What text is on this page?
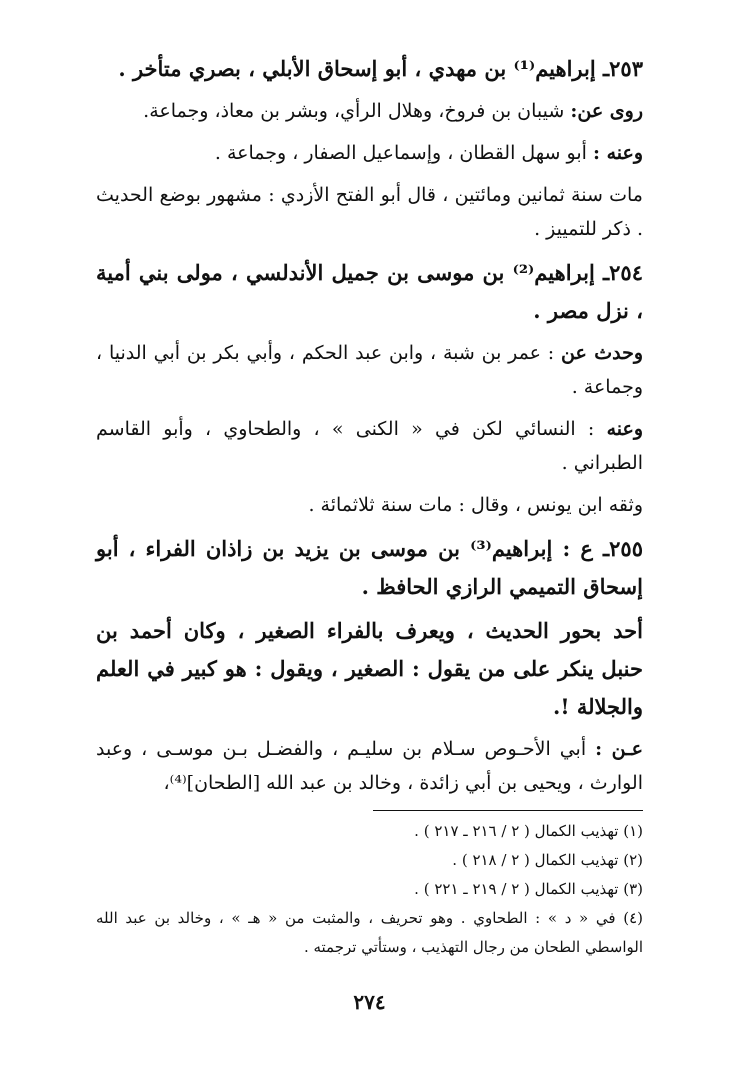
٢٥٣ـ إبراهيم⁽¹⁾ بن مهدي ، أبو إسحاق الأبلي ، بصري متأخر .

روى عن: شيبان بن فروخ، وهلال الرأي، وبشر بن معاذ، وجماعة.

وعنه : أبو سهل القطان ، وإسماعيل الصفار ، وجماعة .

مات سنة ثمانين ومائتين ، قال أبو الفتح الأزدي : مشهور بوضع الحديث . ذكر للتمييز .

٢٥٤ـ إبراهيم⁽²⁾ بن موسى بن جميل الأندلسي ، مولى بني أمية ، نزل مصر .

وحدث عن : عمر بن شبة ، وابن عبد الحكم ، وأبي بكر بن أبي الدنيا ، وجماعة .

وعنه : النسائي لكن في « الكنى » ، والطحاوي ، وأبو القاسم الطبراني .

وثقه ابن يونس ، وقال : مات سنة ثلاثمائة .

٢٥٥ـ ع : إبراهيم⁽³⁾ بن موسى بن يزيد بن زاذان الفراء ، أبو إسحاق التميمي الرازي الحافظ .

أحد بحور الحديث ، ويعرف بالفراء الصغير ، وكان أحمد بن حنبل ينكر على من يقول : الصغير ، ويقول : هو كبير في العلم والجلالة !.

عـن : أبي الأحـوص سـلام بن سليـم ، والفضـل بـن موسـى ، وعبد الوارث ، ويحيى بن أبي زائدة ، وخالد بن عبد الله [الطحان]⁽⁴⁾،

(١) تهذيب الكمال ( ٢ / ٢١٦ ـ ٢١٧ ) .

(٢) تهذيب الكمال ( ٢ / ٢١٨ ) .

(٣) تهذيب الكمال ( ٢ / ٢١٩ ـ ٢٢١ ) .

(٤) في « د » : الطحاوي . وهو تحريف ، والمثبت من « هـ » ، وخالد بن عبد الله الواسطي الطحان من رجال التهذيب ، وستأتي ترجمته .

٢٧٤
